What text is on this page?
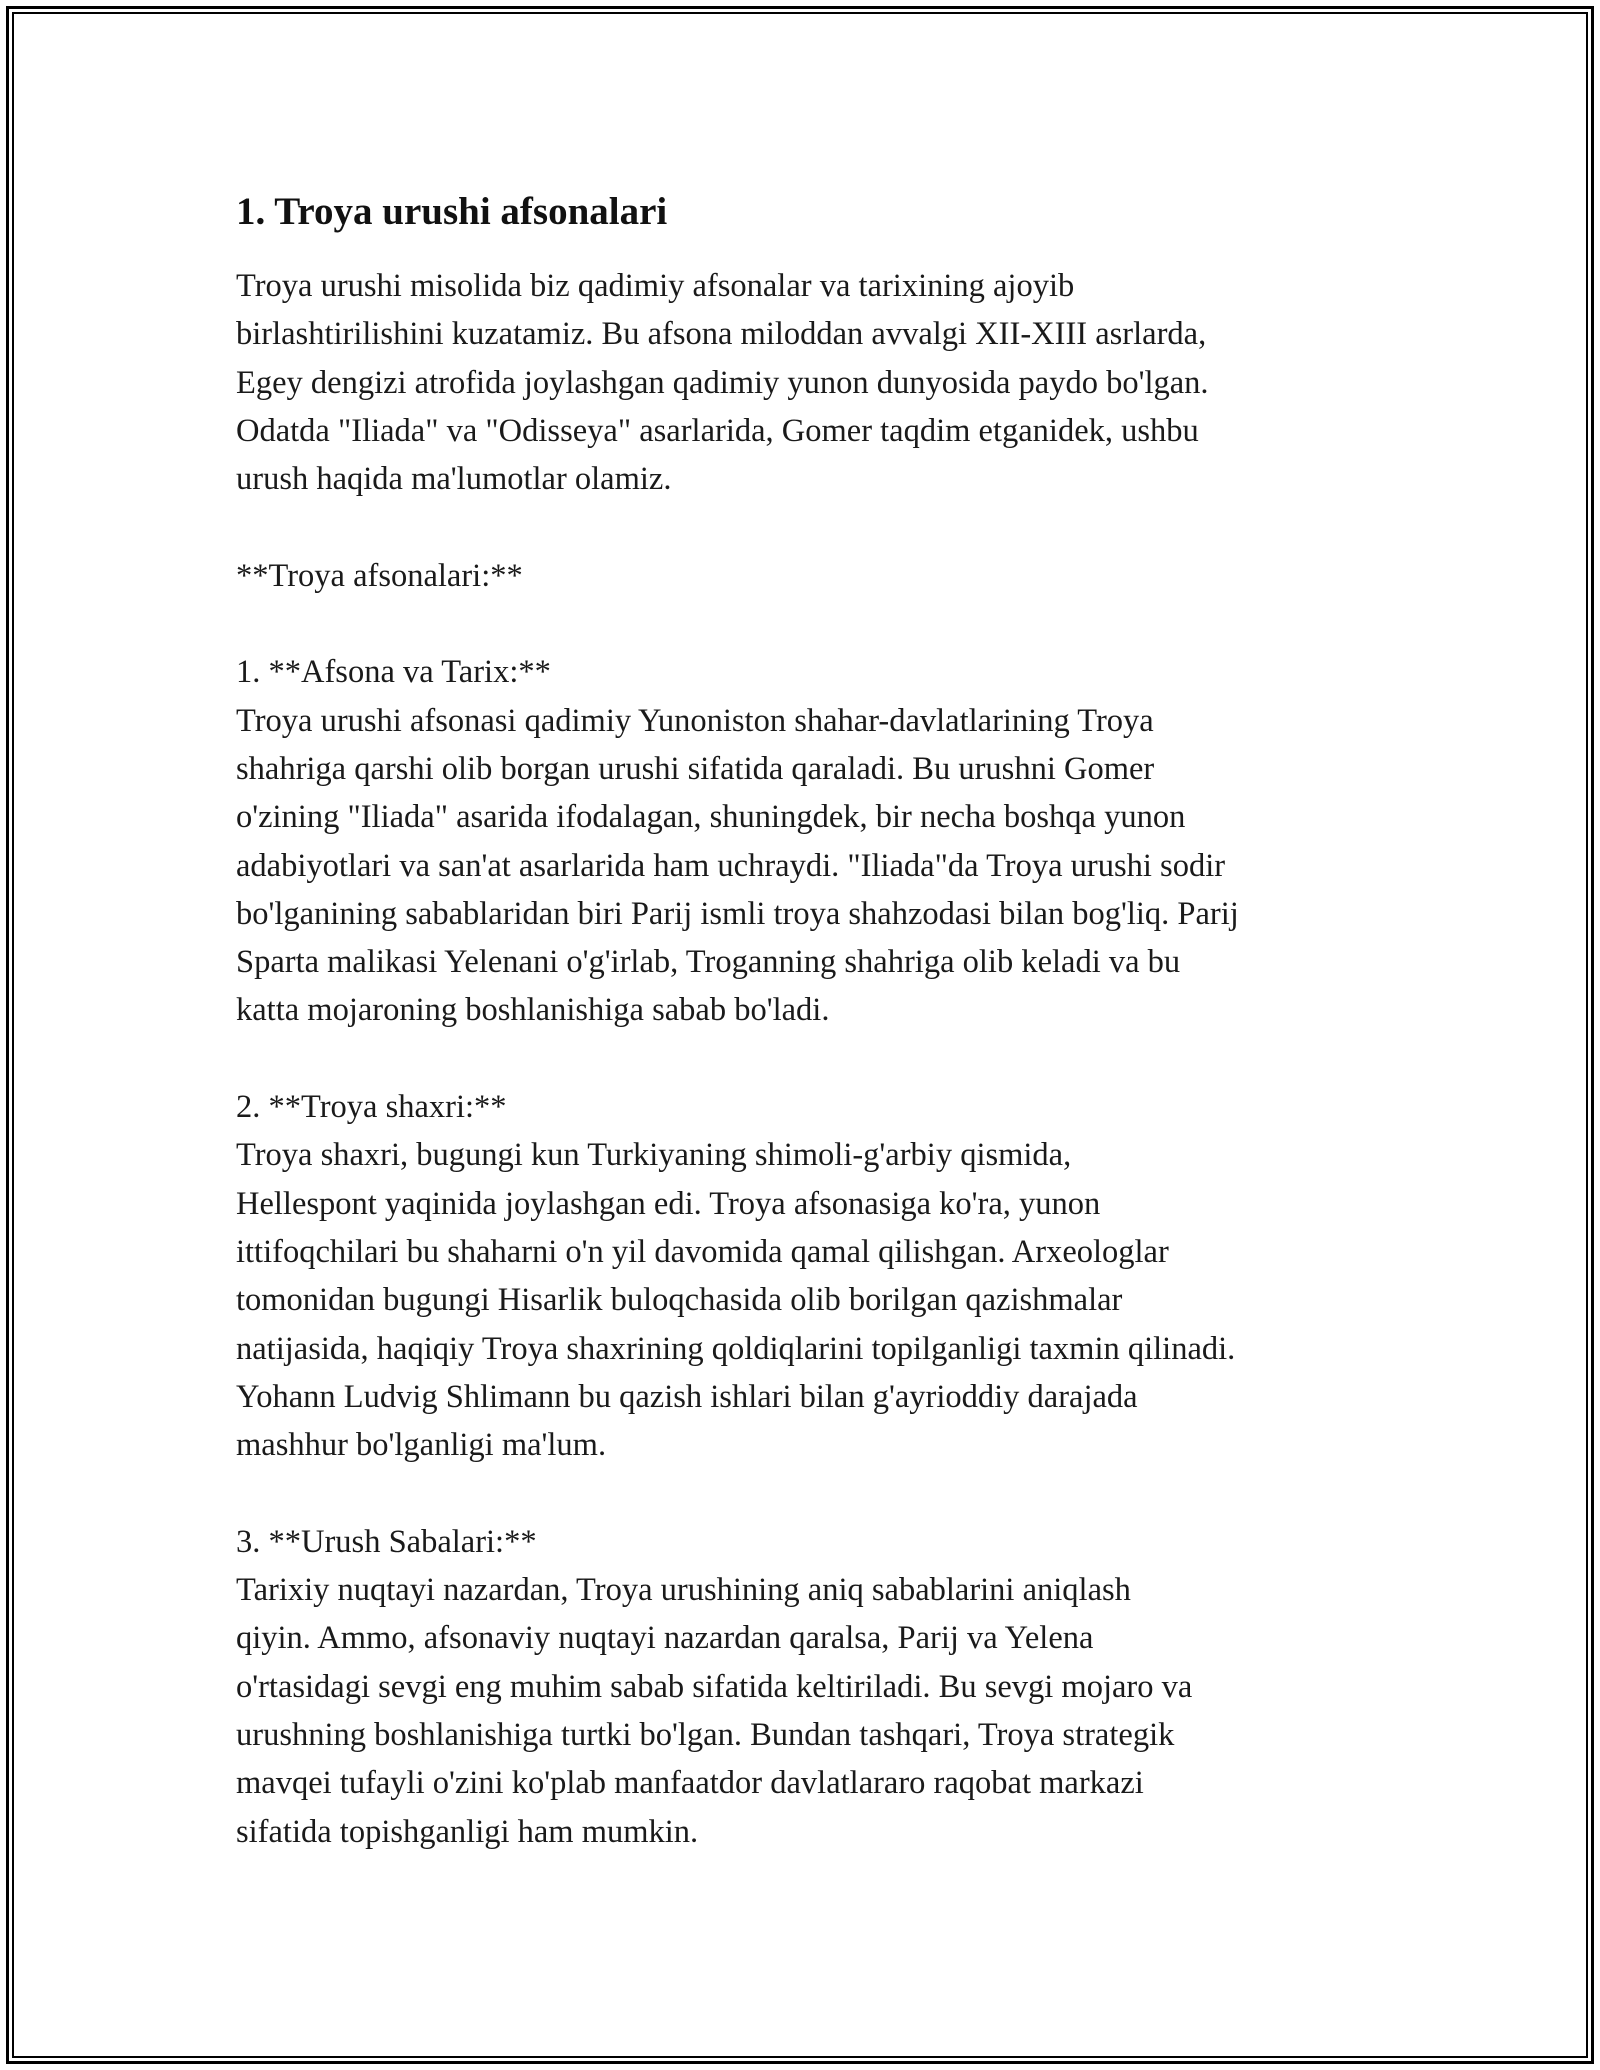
1. Troya urushi afsonalari

Troya urushi misolida biz qadimiy afsonalar va tarixining ajoyib
birlashtirilishini kuzatamiz. Bu afsona miloddan avvalgi XII-XIII asrlarda,
Egey dengizi atrofida joylashgan qadimiy yunon dunyosida paydo bo'lgan.
Odatda "Iliada" va "Odisseya" asarlarida, Gomer taqdim etganidek, ushbu
urush haqida ma'lumotlar olamiz.

**Troya afsonalari:**

1. **Afsona va Tarix:**

Troya urushi afsonasi qadimiy Yunoniston shahar-davlatlarining Troya
shahriga qarshi olib borgan urushi sifatida qaraladi. Bu urushni Gomer
o'zining "Iliada" asarida ifodalagan, shuningdek, bir necha boshqa yunon
adabiyotlari va san'at asarlarida ham uchraydi. "Iliada"da Troya urushi sodir
bo'lganining sabablaridan biri Parij ismli troya shahzodasi bilan bog'liq. Parij
Sparta malikasi Yelenani o'g'irlab, Troganning shahriga olib keladi va bu
katta mojaroning boshlanishiga sabab bo'ladi.

2. **Troya shaxri:**

Troya shaxri, bugungi kun Turkiyaning shimoli-g'arbiy qismida,
Hellespont yaqinida joylashgan edi. Troya afsonasiga ko'ra, yunon
ittifoqchilari bu shaharni o'n yil davomida qamal qilishgan. Arxeologlar
tomonidan bugungi Hisarlik buloqchasida olib borilgan qazishmalar
natijasida, haqiqiy Troya shaxrining qoldiqlarini topilganligi taxmin qilinadi.
Yohann Ludvig Shlimann bu qazish ishlari bilan g'ayrioddiy darajada
mashhur bo'lganligi ma'lum.

3. **Urush Sabalari:**

Tarixiy nuqtayi nazardan, Troya urushining aniq sabablarini aniqlash
qiyin. Ammo, afsonaviy nuqtayi nazardan qaralsa, Parij va Yelena
o'rtasidagi sevgi eng muhim sabab sifatida keltiriladi. Bu sevgi mojaro va
urushning boshlanishiga turtki bo'lgan. Bundan tashqari, Troya strategik
mavqei tufayli o'zini ko'plab manfaatdor davlatlararo raqobat markazi
sifatida topishganligi ham mumkin.
